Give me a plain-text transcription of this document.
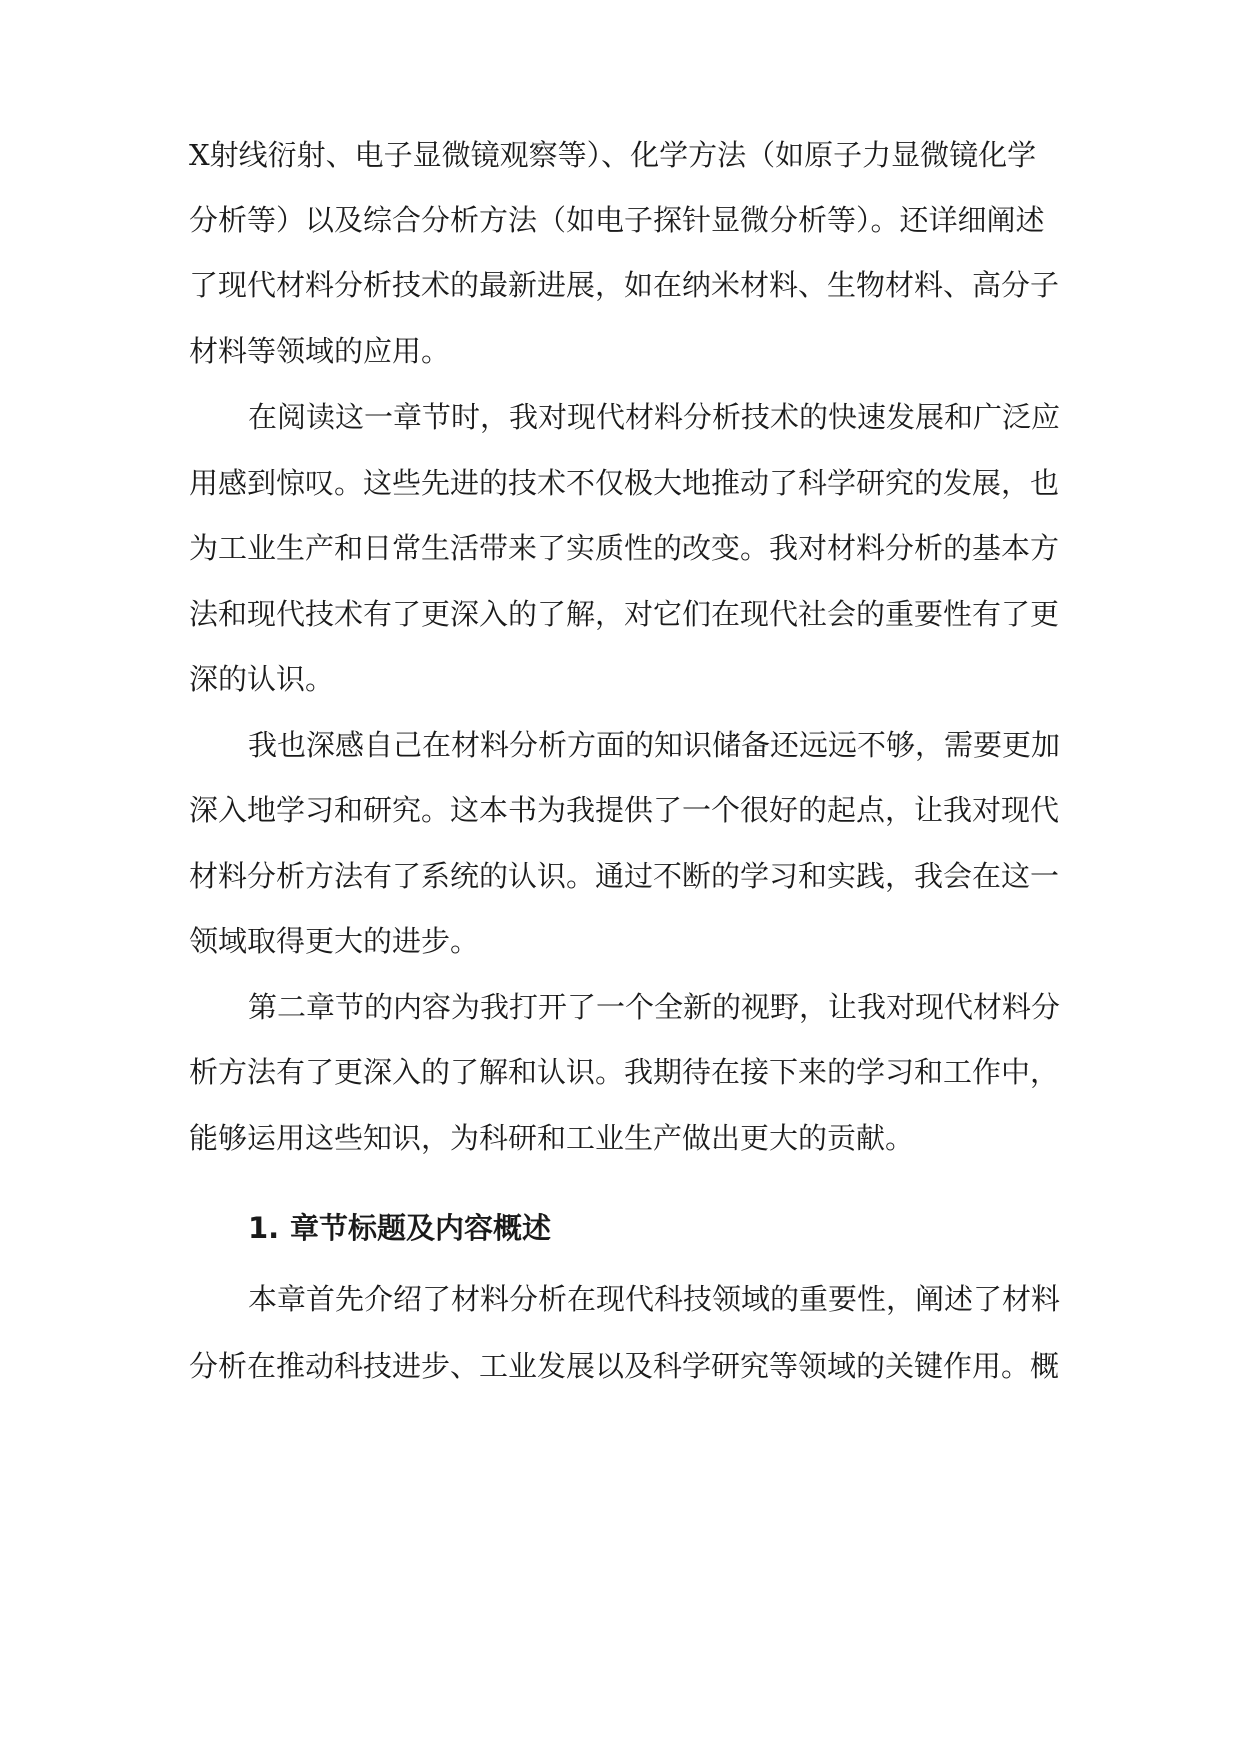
X射线衍射、电子显微镜观察等）、化学方法（如原子力显微镜化学
分析等）以及综合分析方法（如电子探针显微分析等）。还详细阐述
了现代材料分析技术的最新进展，如在纳米材料、生物材料、高分子
材料等领域的应用。
在阅读这一章节时，我对现代材料分析技术的快速发展和广泛应
用感到惊叹。这些先进的技术不仅极大地推动了科学研究的发展，也
为工业生产和日常生活带来了实质性的改变。我对材料分析的基本方
法和现代技术有了更深入的了解，对它们在现代社会的重要性有了更
深的认识。
我也深感自己在材料分析方面的知识储备还远远不够，需要更加
深入地学习和研究。这本书为我提供了一个很好的起点，让我对现代
材料分析方法有了系统的认识。通过不断的学习和实践，我会在这一
领域取得更大的进步。
第二章节的内容为我打开了一个全新的视野，让我对现代材料分
析方法有了更深入的了解和认识。我期待在接下来的学习和工作中，
能够运用这些知识，为科研和工业生产做出更大的贡献。
1. 章节标题及内容概述
本章首先介绍了材料分析在现代科技领域的重要性，阐述了材料
分析在推动科技进步、工业发展以及科学研究等领域的关键作用。概
